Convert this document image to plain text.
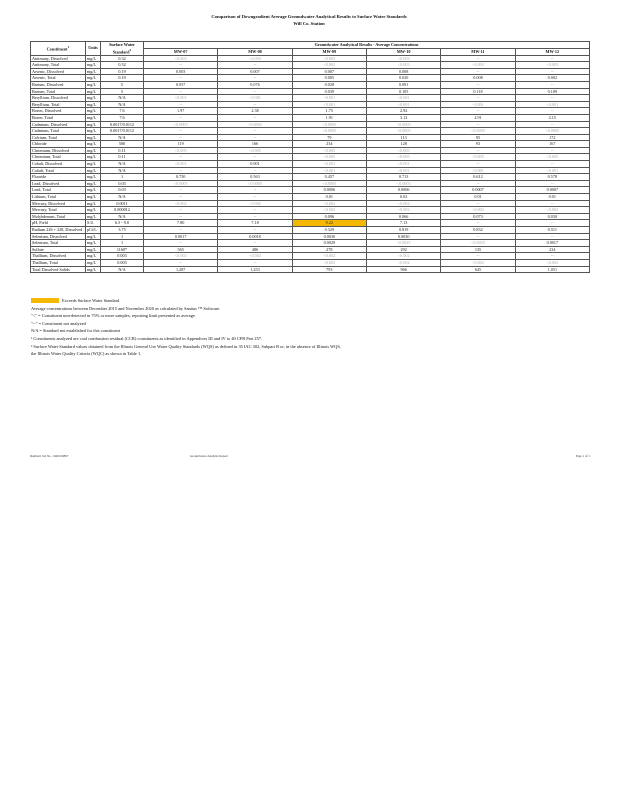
Comparison of Downgradient Average Groundwater Analytical Results to Surface Water Standards
Will Co. Station
Constituent$^1$	Units	Surface Water
Standard$^2$	Groundwater Analytical Results - Average Concentrations					
			MW-07	MW-08	MW-09	MW-10	MW-11	MW-12
Antimony, Dissolved	mg/L	0.32	<0.003	<0.003	<0.003	<0.003	--	--
Antimony, Total	mg/L	0.32	--	--	<0.003	<0.003	<0.003	<0.003
Arsenic, Dissolved	mg/L	0.19	0.003	0.007	0.007	0.008	--	--
Arsenic, Total	mg/L	0.19	--	--	0.005	0.020	0.008	0.002
Barium, Dissolved	mg/L	5	0.057	0.076	0.028	0.091	--	--
Barium, Total	mg/L	5	--	--	0.039	0.105	0.118	0.109
Beryllium, Dissolved	mg/L	N/A	<0.001	<0.001	<0.001	<0.001	--	--
Beryllium, Total	mg/L	N/A	--	--	<0.001	<0.001	<0.001	<0.001
Boron, Dissolved	mg/L	7.6	1.97	2.38	1.75	2.92	--	--
Boron, Total	mg/L	7.6	--	--	1.91	3.12	2.91	2.15
Cadmium, Dissolved	mg/L	0.0017/0.0112	<0.0005	<0.0005	<0.0005	<0.0005	--	--
Cadmium, Total	mg/L	0.0017/0.0112	--	--	<0.0005	<0.0005	<0.0005	<0.0005
Calcium, Total	mg/L	N/A	--	--	79	113	95	172
Chloride	mg/L	500	119	166	234	128	93	167
Chromium, Dissolved	mg/L	0.11	<0.005	<0.005	<0.005	<0.005	--	--
Chromium, Total	mg/L	0.11	--	--	<0.005	<0.005	<0.005	<0.005
Cobalt, Dissolved	mg/L	N/A	<0.001	0.001	<0.001	<0.001	--	--
Cobalt, Total	mg/L	N/A	--	--	<0.001	<0.001	<0.001	<0.001
Fluoride	mg/L	1	0.750	0.563	0.457	0.713	0.612	0.578
Lead, Dissolved	mg/L	0.03	<0.0005	<0.0005	<0.0005	<0.0005	--	--
Lead, Total	mg/L	0.03	--	--	0.0006	0.0006	0.0007	0.0007
Lithium, Total	mg/L	N/A	--	--	0.01	0.02	0.01	0.01
Mercury, Dissolved	mg/L	0.0011	<0.002	<0.002	<0.002	<0.002	--	--
Mercury, Total	mg/L	0.000012	--	--	<0.002	<0.002	<0.002	<0.002
Molybdenum, Total	mg/L	N/A	--	--	0.096	0.066	0.073	0.030
pH, Field	S.U.	6.5 - 9.0	7.80	7.18	9.22	7.13	--	--
Radium 226 + 228, Dissolved	pCi/L	3.75	--	--	0.329	0.819	0.832	0.511
Selenium, Dissolved	mg/L	1	0.0017	0.0018	0.0030	0.0030	--	--
Selenium, Total	mg/L	1	--	--	0.0029	<0.0025	<0.0025	0.0017
Sulfate	mg/L	1160*	565	486	278	292	135	234
Thallium, Dissolved	mg/L	0.003	<0.002	<0.002	<0.002	<0.002	--	--
Thallium, Total	mg/L	0.003	--	--	<0.002	<0.002	<0.002	<0.002
Total Dissolved Solids	mg/L	N/A	1,287	1,253	793	966	645	1,051
Exceeds Surface Water Standard
Average concentrations between December 2015 and November 2020 as calculated by Sanitas ™ Software.
"<" = Constituent non-detected in 75% or more samples; reporting limit presented as average.
"--" = Constituent not analyzed
N/A = Standard not established for this constituent
¹ Constituents analyzed are coal combustion residual (CCR) constituents as identified in Appendices III and IV to 40 CFR Part 257.
² Surface Water Standard values obtained from the Illinois General Use Water Quality Standards (WQS) as defined in 35 IAC 302, Subpart B or, in the absence of Illinois WQS,
the Illinois Water Quality Criteria (WQC) as shown in Table 1.
Ramboll Job No. 1940100897	Groundwater Analysis Report	Page 1 of 1
